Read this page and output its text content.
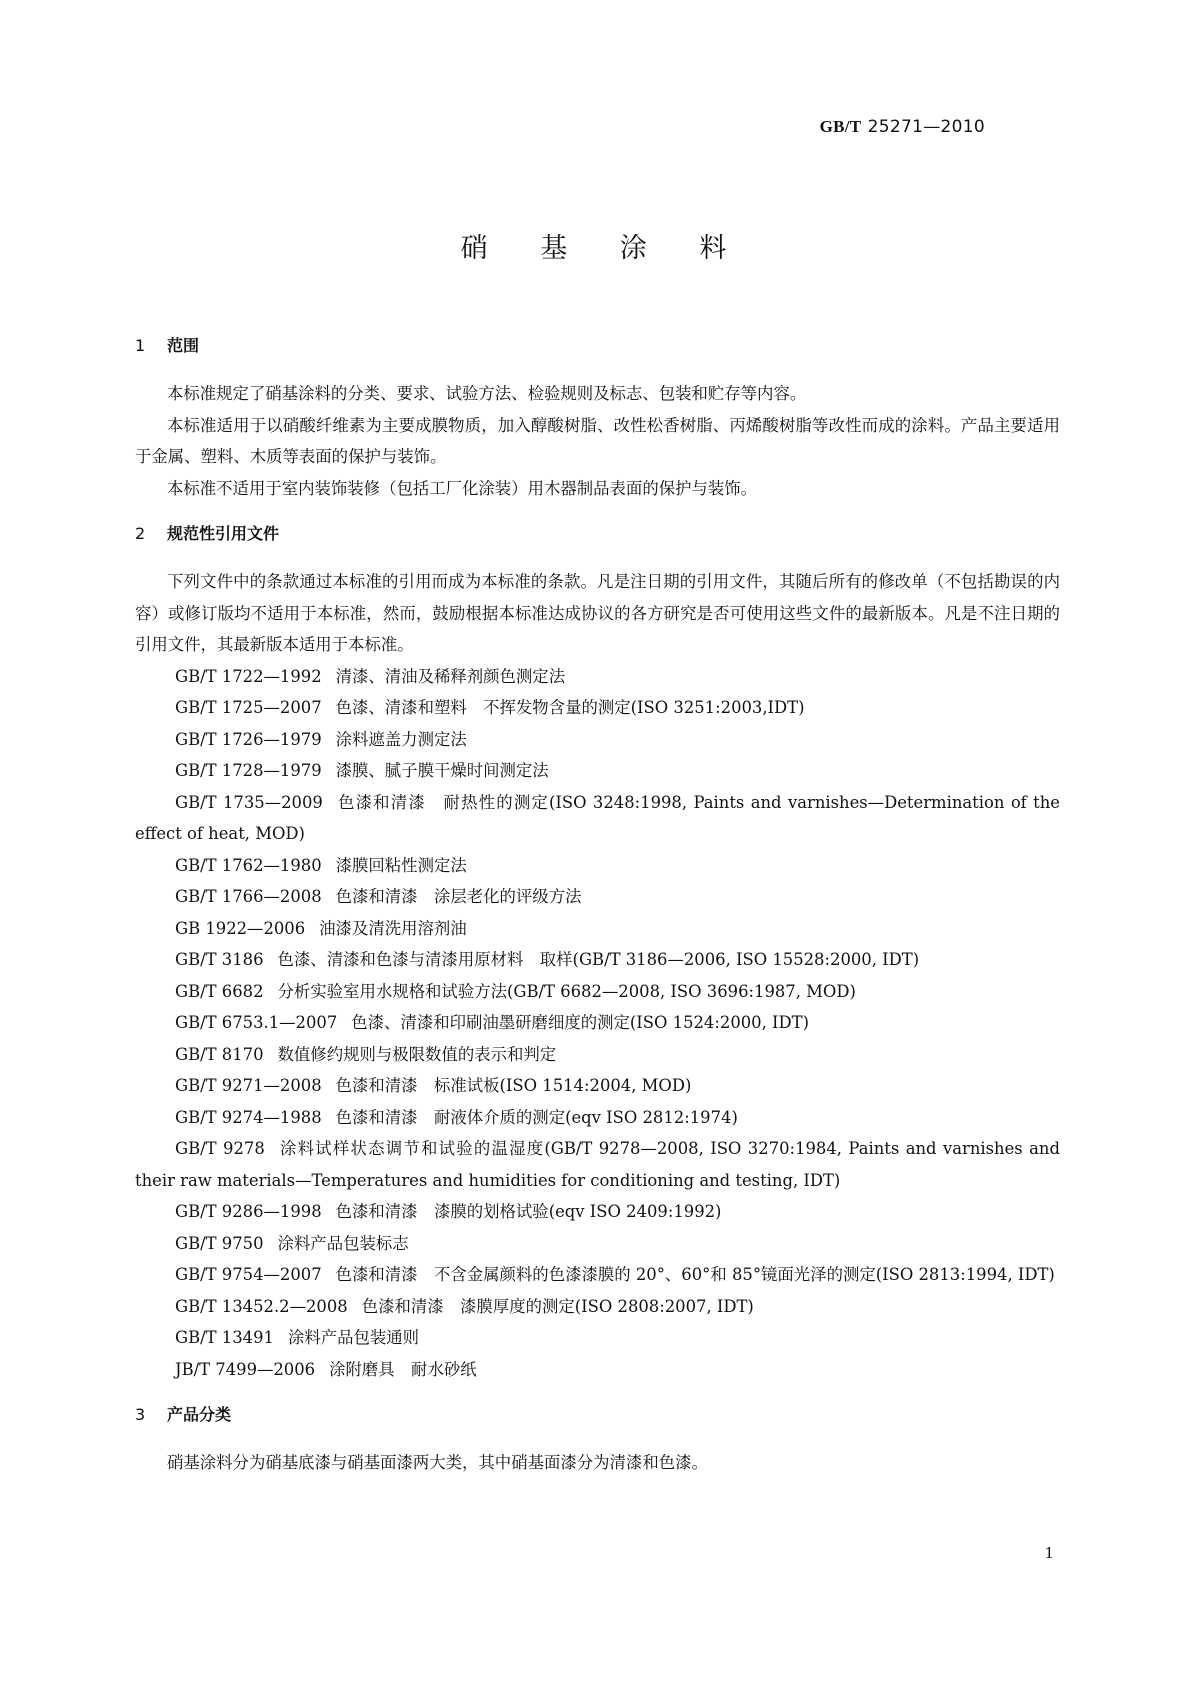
GB/T 25271—2010
硝 基 涂 料
1 范围

本标准规定了硝基涂料的分类、要求、试验方法、检验规则及标志、包装和贮存等内容。

本标准适用于以硝酸纤维素为主要成膜物质，加入醇酸树脂、改性松香树脂、丙烯酸树脂等改性而成的涂料。产品主要适用于金属、塑料、木质等表面的保护与装饰。

本标准不适用于室内装饰装修（包括工厂化涂装）用木器制品表面的保护与装饰。

2 规范性引用文件

下列文件中的条款通过本标准的引用而成为本标准的条款。凡是注日期的引用文件，其随后所有的修改单（不包括勘误的内容）或修订版均不适用于本标准，然而，鼓励根据本标准达成协议的各方研究是否可使用这些文件的最新版本。凡是不注日期的引用文件，其最新版本适用于本标准。

GB/T 1722—1992 清漆、清油及稀释剂颜色测定法

GB/T 1725—2007 色漆、清漆和塑料　不挥发物含量的测定(ISO 3251:2003,IDT)

GB/T 1726—1979 涂料遮盖力测定法

GB/T 1728—1979 漆膜、腻子膜干燥时间测定法

GB/T 1735—2009 色漆和清漆　耐热性的测定(ISO 3248:1998, Paints and varnishes—Determination of the effect of heat, MOD)

GB/T 1762—1980 漆膜回粘性测定法

GB/T 1766—2008 色漆和清漆　涂层老化的评级方法

GB 1922—2006 油漆及清洗用溶剂油

GB/T 3186 色漆、清漆和色漆与清漆用原材料　取样(GB/T 3186—2006, ISO 15528:2000, IDT)

GB/T 6682 分析实验室用水规格和试验方法(GB/T 6682—2008, ISO 3696:1987, MOD)

GB/T 6753.1—2007 色漆、清漆和印刷油墨研磨细度的测定(ISO 1524:2000, IDT)

GB/T 8170 数值修约规则与极限数值的表示和判定

GB/T 9271—2008 色漆和清漆　标准试板(ISO 1514:2004, MOD)

GB/T 9274—1988 色漆和清漆　耐液体介质的测定(eqv ISO 2812:1974)

GB/T 9278 涂料试样状态调节和试验的温湿度(GB/T 9278—2008, ISO 3270:1984, Paints and varnishes and their raw materials—Temperatures and humidities for conditioning and testing, IDT)

GB/T 9286—1998 色漆和清漆　漆膜的划格试验(eqv ISO 2409:1992)

GB/T 9750 涂料产品包装标志

GB/T 9754—2007 色漆和清漆　不含金属颜料的色漆漆膜的 20°、60°和 85°镜面光泽的测定(ISO 2813:1994, IDT)

GB/T 13452.2—2008 色漆和清漆　漆膜厚度的测定(ISO 2808:2007, IDT)

GB/T 13491 涂料产品包装通则

JB/T 7499—2006 涂附磨具　耐水砂纸

3 产品分类

硝基涂料分为硝基底漆与硝基面漆两大类，其中硝基面漆分为清漆和色漆。

1
